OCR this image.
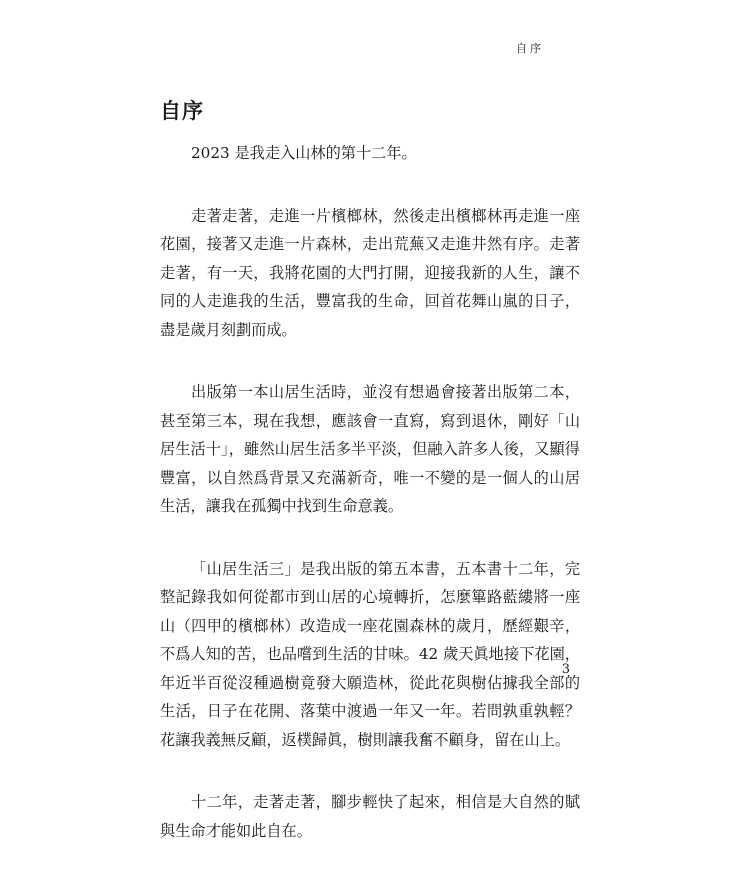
自序
自序

2023 是我走入山林的第十二年。

走著走著，走進一片檳榔林，然後走出檳榔林再走進一座花園，接著又走進一片森林，走出荒蕪又走進井然有序。走著走著，有一天，我將花園的大門打開，迎接我新的人生，讓不同的人走進我的生活，豐富我的生命，回首花舞山嵐的日子，盡是歲月刻劃而成。

出版第一本山居生活時，並沒有想過會接著出版第二本，甚至第三本，現在我想，應該會一直寫，寫到退休，剛好「山居生活十」，雖然山居生活多半平淡，但融入許多人後，又顯得豐富，以自然爲背景又充滿新奇，唯一不變的是一個人的山居生活，讓我在孤獨中找到生命意義。

「山居生活三」是我出版的第五本書，五本書十二年，完整記錄我如何從都市到山居的心境轉折，怎麼篳路藍縷將一座山（四甲的檳榔林）改造成一座花園森林的歲月，歷經艱辛，不爲人知的苦，也品嚐到生活的甘味。42 歲天眞地接下花園，年近半百從沒種過樹竟發大願造林，從此花與樹佔據我全部的生活，日子在花開、落葉中渡過一年又一年。若問孰重孰輕？花讓我義無反顧，返樸歸眞，樹則讓我奮不顧身，留在山上。

十二年，走著走著，腳步輕快了起來，相信是大自然的賦與生命才能如此自在。

3
